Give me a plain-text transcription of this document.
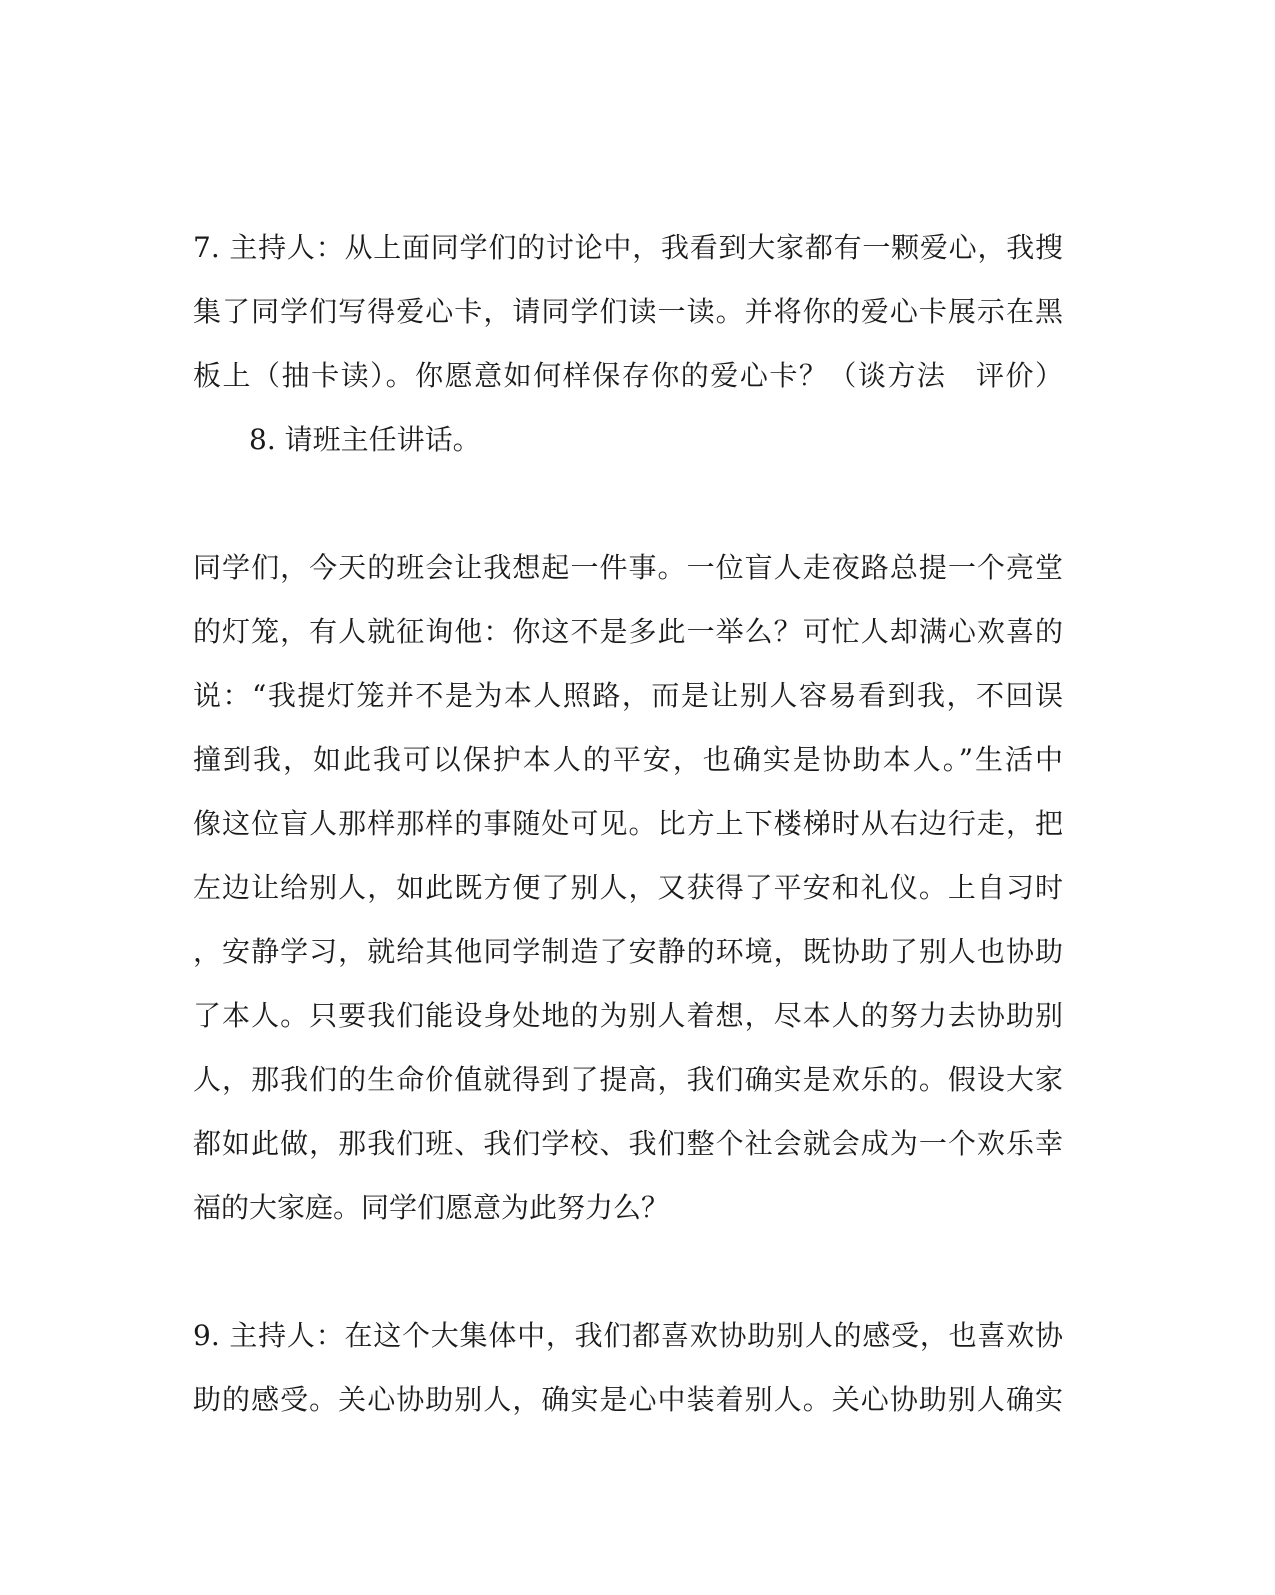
7. 主持人：从上面同学们的讨论中，我看到大家都有一颗爱心，我搜
集了同学们写得爱心卡，请同学们读一读。并将你的爱心卡展示在黑
板上（抽卡读）。你愿意如何样保存你的爱心卡？（谈方法　评价）
8. 请班主任讲话。
同学们，今天的班会让我想起一件事。一位盲人走夜路总提一个亮堂
的灯笼，有人就征询他：你这不是多此一举么？可忙人却满心欢喜的
说：“我提灯笼并不是为本人照路，而是让别人容易看到我，不回误
撞到我，如此我可以保护本人的平安，也确实是协助本人。”生活中
像这位盲人那样那样的事随处可见。比方上下楼梯时从右边行走，把
左边让给别人，如此既方便了别人，又获得了平安和礼仪。上自习时
，安静学习，就给其他同学制造了安静的环境，既协助了别人也协助
了本人。只要我们能设身处地的为别人着想，尽本人的努力去协助别
人，那我们的生命价值就得到了提高，我们确实是欢乐的。假设大家
都如此做，那我们班、我们学校、我们整个社会就会成为一个欢乐幸
福的大家庭。同学们愿意为此努力么？
9. 主持人：在这个大集体中，我们都喜欢协助别人的感受，也喜欢协
助的感受。关心协助别人，确实是心中装着别人。关心协助别人确实
